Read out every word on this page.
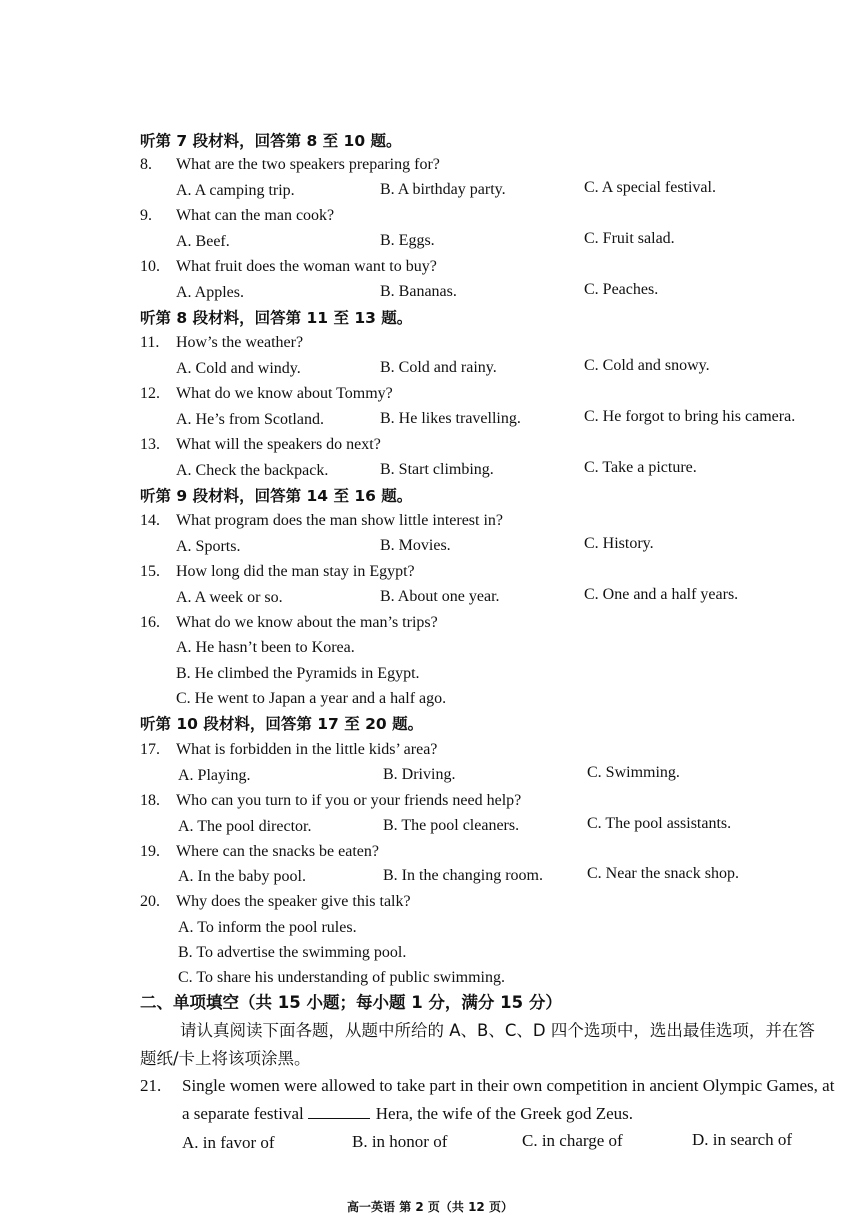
听第 7 段材料，回答第 8 至 10 题。
8. What are the two speakers preparing for?
A. A camping trip.	B. A birthday party.	C. A special festival.
9. What can the man cook?
A. Beef.	B. Eggs.	C. Fruit salad.
10. What fruit does the woman want to buy?
A. Apples.	B. Bananas.	C. Peaches.
听第 8 段材料，回答第 11 至 13 题。
11. How’s the weather?
A. Cold and windy.	B. Cold and rainy.	C. Cold and snowy.
12. What do we know about Tommy?
A. He’s from Scotland.	B. He likes travelling.	C. He forgot to bring his camera.
13. What will the speakers do next?
A. Check the backpack.	B. Start climbing.	C. Take a picture.
听第 9 段材料，回答第 14 至 16 题。
14. What program does the man show little interest in?
A. Sports.	B. Movies.	C. History.
15. How long did the man stay in Egypt?
A. A week or so.	B. About one year.	C. One and a half years.
16. What do we know about the man’s trips?
A. He hasn’t been to Korea.
B. He climbed the Pyramids in Egypt.
C. He went to Japan a year and a half ago.
听第 10 段材料，回答第 17 至 20 题。
17. What is forbidden in the little kids’ area?
A. Playing.	B. Driving.	C. Swimming.
18. Who can you turn to if you or your friends need help?
A. The pool director.	B. The pool cleaners.	C. The pool assistants.
19. Where can the snacks be eaten?
A. In the baby pool.	B. In the changing room.	C. Near the snack shop.
20. Why does the speaker give this talk?
A. To inform the pool rules.
B. To advertise the swimming pool.
C. To share his understanding of public swimming.
二、单项填空（共 15 小题；每小题 1 分，满分 15 分）
请认真阅读下面各题，从题中所给的 A、B、C、D 四个选项中，选出最佳选项，并在答
题纸/卡上将该项涂黑。
21. Single women were allowed to take part in their own competition in ancient Olympic Games, at
a separate festival	Hera, the wife of the Greek god Zeus.
A. in favor of	B. in honor of	C. in charge of	D. in search of
高一英语 第 2 页（共 12 页）
